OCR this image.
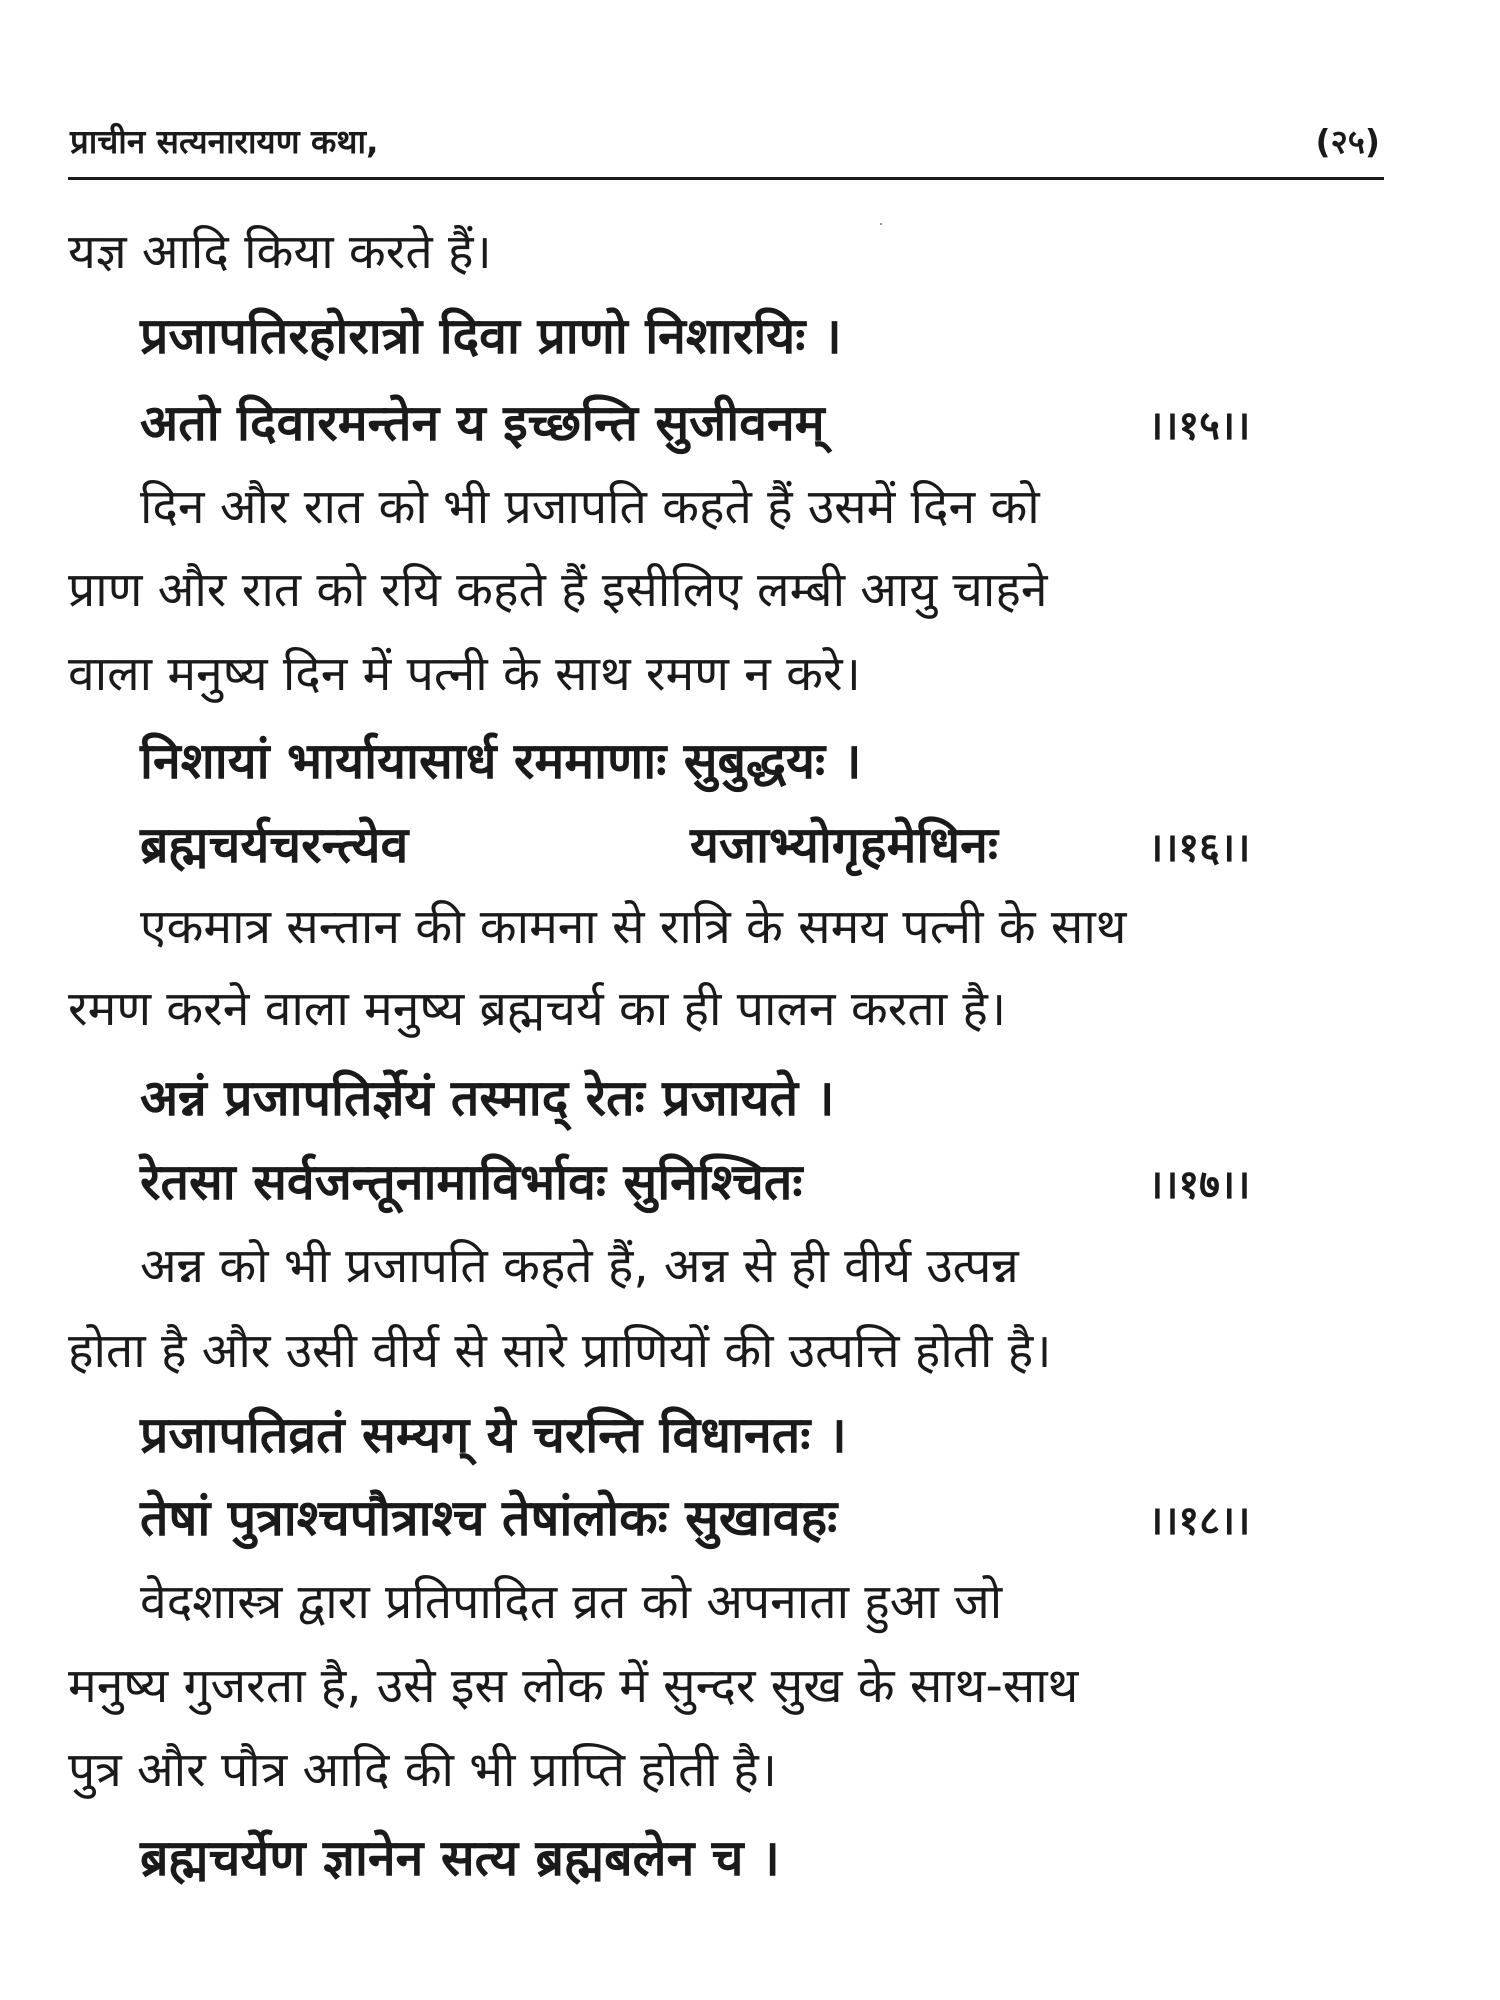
प्राचीन सत्यनारायण कथा,	(२५)
यज्ञ आदि किया करते हैं।
प्रजापतिरहोरात्रो दिवा प्राणो निशारयिः ।
अतो दिवारमन्तेन य इच्छन्ति सुजीवनम्	।।१५।।
दिन और रात को भी प्रजापति कहते हैं उसमें दिन को
प्राण और रात को रयि कहते हैं इसीलिए लम्बी आयु चाहने
वाला मनुष्य दिन में पत्नी के साथ रमण न करे।
निशायां भार्यायासार्ध रममाणाः सुबुद्धयः ।
ब्रह्मचर्यचरन्त्येव	यजाभ्योगृहमेधिनः	।।१६।।
एकमात्र सन्तान की कामना से रात्रि के समय पत्नी के साथ
रमण करने वाला मनुष्य ब्रह्मचर्य का ही पालन करता है।
अन्नं प्रजापतिर्ज्ञेयं तस्माद् रेतः प्रजायते ।
रेतसा सर्वजन्तूनामाविर्भावः सुनिश्चितः	।।१७।।
अन्न को भी प्रजापति कहते हैं, अन्न से ही वीर्य उत्पन्न
होता है और उसी वीर्य से सारे प्राणियों की उत्पत्ति होती है।
प्रजापतिव्रतं सम्यग् ये चरन्ति विधानतः ।
तेषां पुत्राश्चपौत्राश्च तेषांलोकः सुखावहः	।।१८।।
वेदशास्त्र द्वारा प्रतिपादित व्रत को अपनाता हुआ जो
मनुष्य गुजरता है, उसे इस लोक में सुन्दर सुख के साथ-साथ
पुत्र और पौत्र आदि की भी प्राप्ति होती है।
ब्रह्मचर्येण ज्ञानेन सत्य ब्रह्मबलेन च ।
